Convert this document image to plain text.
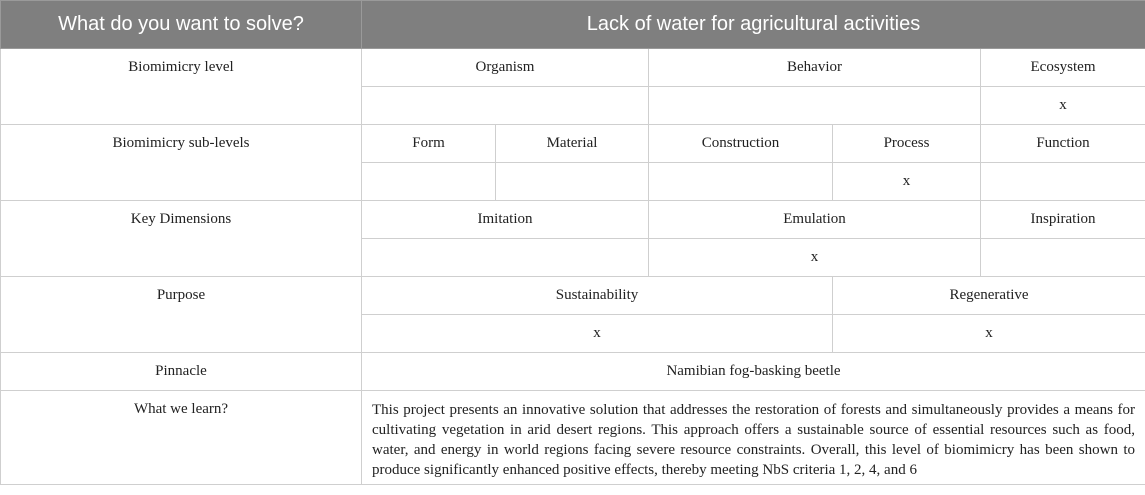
What do you want to solve?	Lack of water for agricultural activities				
Biomimicry level	Organism		Behavior		Ecosystem
					x
Biomimicry sub-levels	Form	Material	Construction	Process	Function
				x	
Key Dimensions	Imitation		Emulation		Inspiration
			x		
Purpose	Sustainability			Regenerative	
	x			x	
Pinnacle	Namibian fog-basking beetle				
What we learn?	This project presents an innovative solution that addresses the restoration of forests and simultaneously provides a means for cultivating vegetation in arid desert regions. This approach offers a sustainable source of essential resources such as food, water, and energy in world regions facing severe resource constraints. Overall, this level of biomimicry has been shown to produce significantly enhanced positive effects, thereby meeting NbS criteria 1, 2, 4, and 6				
